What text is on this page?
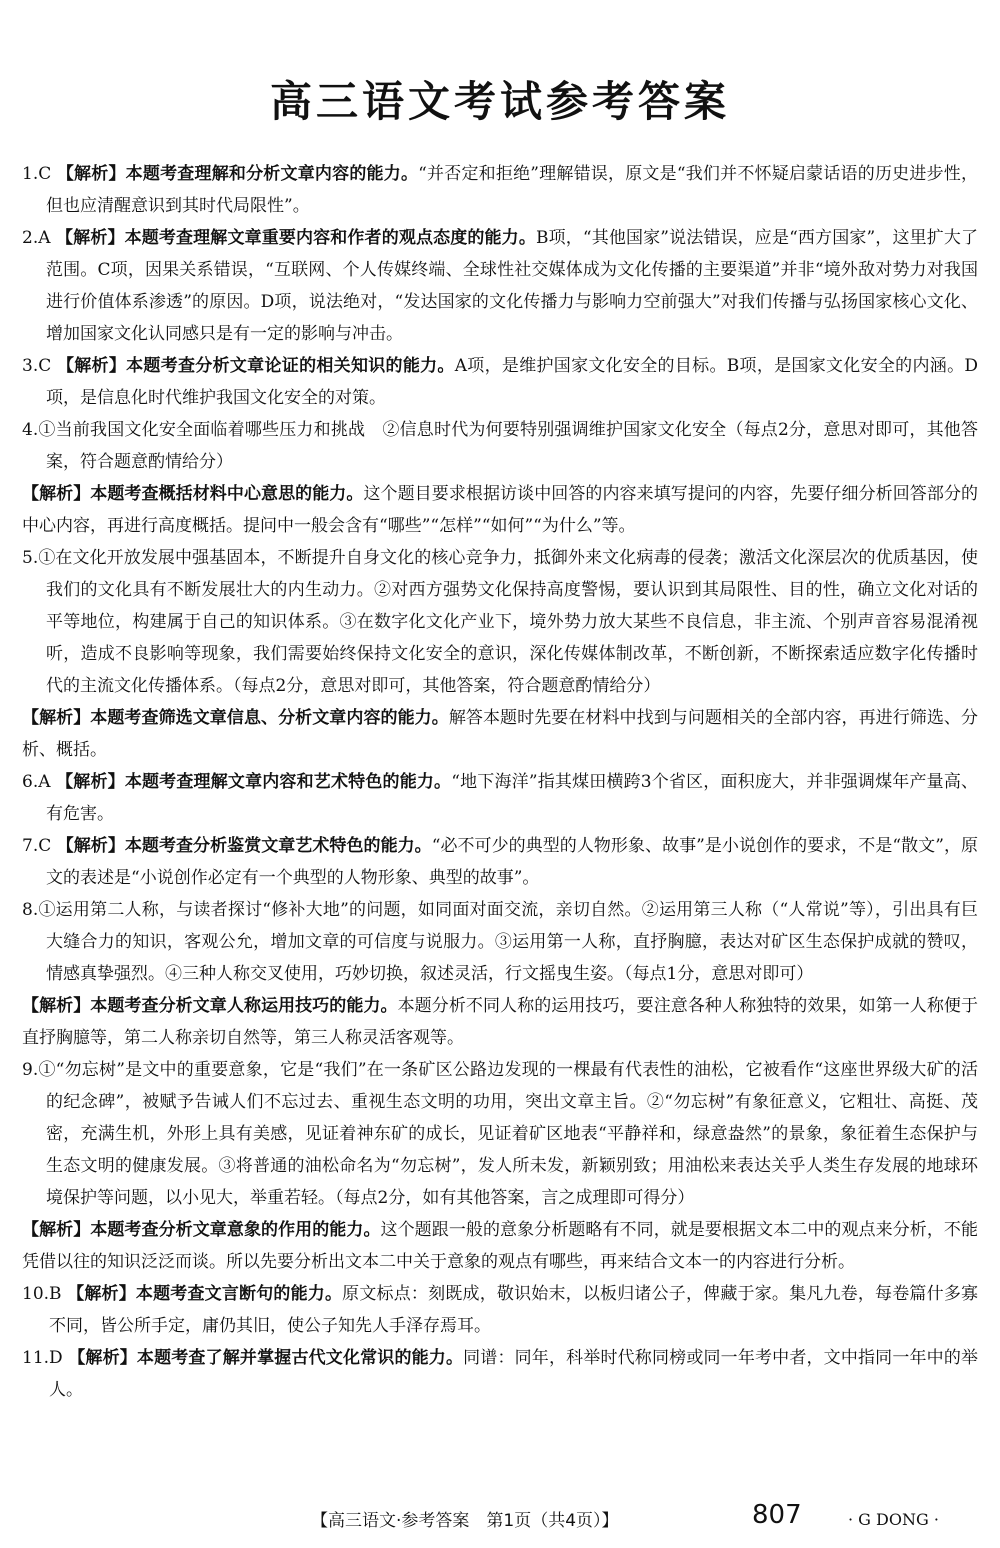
高三语文考试参考答案
1.C 【解析】本题考查理解和分析文章内容的能力。“并否定和拒绝”理解错误，原文是“我们并不怀疑启蒙话语的历史进步性，但也应清醒意识到其时代局限性”。
2.A 【解析】本题考查理解文章重要内容和作者的观点态度的能力。B项，“其他国家”说法错误，应是“西方国家”，这里扩大了范围。C项，因果关系错误，“互联网、个人传媒终端、全球性社交媒体成为文化传播的主要渠道”并非“境外敌对势力对我国进行价值体系渗透”的原因。D项，说法绝对，“发达国家的文化传播力与影响力空前强大”对我们传播与弘扬国家核心文化、增加国家文化认同感只是有一定的影响与冲击。
3.C 【解析】本题考查分析文章论证的相关知识的能力。A项，是维护国家文化安全的目标。B项，是国家文化安全的内涵。D项，是信息化时代维护我国文化安全的对策。
4.①当前我国文化安全面临着哪些压力和挑战　②信息时代为何要特别强调维护国家文化安全（每点2分，意思对即可，其他答案，符合题意酌情给分）
【解析】本题考查概括材料中心意思的能力。这个题目要求根据访谈中回答的内容来填写提问的内容，先要仔细分析回答部分的中心内容，再进行高度概括。提问中一般会含有“哪些”“怎样”“如何”“为什么”等。
5.①在文化开放发展中强基固本，不断提升自身文化的核心竞争力，抵御外来文化病毒的侵袭；激活文化深层次的优质基因，使我们的文化具有不断发展壮大的内生动力。②对西方强势文化保持高度警惕，要认识到其局限性、目的性，确立文化对话的平等地位，构建属于自己的知识体系。③在数字化文化产业下，境外势力放大某些不良信息，非主流、个别声音容易混淆视听，造成不良影响等现象，我们需要始终保持文化安全的意识，深化传媒体制改革，不断创新，不断探索适应数字化传播时代的主流文化传播体系。（每点2分，意思对即可，其他答案，符合题意酌情给分）
【解析】本题考查筛选文章信息、分析文章内容的能力。解答本题时先要在材料中找到与问题相关的全部内容，再进行筛选、分析、概括。
6.A 【解析】本题考查理解文章内容和艺术特色的能力。“地下海洋”指其煤田横跨3个省区，面积庞大，并非强调煤年产量高、有危害。
7.C 【解析】本题考查分析鉴赏文章艺术特色的能力。“必不可少的典型的人物形象、故事”是小说创作的要求，不是“散文”，原文的表述是“小说创作必定有一个典型的人物形象、典型的故事”。
8.①运用第二人称，与读者探讨“修补大地”的问题，如同面对面交流，亲切自然。②运用第三人称（“人常说”等），引出具有巨大缝合力的知识，客观公允，增加文章的可信度与说服力。③运用第一人称，直抒胸臆，表达对矿区生态保护成就的赞叹，情感真挚强烈。④三种人称交叉使用，巧妙切换，叙述灵活，行文摇曳生姿。（每点1分，意思对即可）
【解析】本题考查分析文章人称运用技巧的能力。本题分析不同人称的运用技巧，要注意各种人称独特的效果，如第一人称便于直抒胸臆等，第二人称亲切自然等，第三人称灵活客观等。
9.①“勿忘树”是文中的重要意象，它是“我们”在一条矿区公路边发现的一棵最有代表性的油松，它被看作“这座世界级大矿的活的纪念碑”，被赋予告诫人们不忘过去、重视生态文明的功用，突出文章主旨。②“勿忘树”有象征意义，它粗壮、高挺、茂密，充满生机，外形上具有美感，见证着神东矿的成长，见证着矿区地表“平静祥和，绿意盎然”的景象，象征着生态保护与生态文明的健康发展。③将普通的油松命名为“勿忘树”，发人所未发，新颖别致；用油松来表达关乎人类生存发展的地球环境保护等问题，以小见大，举重若轻。（每点2分，如有其他答案，言之成理即可得分）
【解析】本题考查分析文章意象的作用的能力。这个题跟一般的意象分析题略有不同，就是要根据文本二中的观点来分析，不能凭借以往的知识泛泛而谈。所以先要分析出文本二中关于意象的观点有哪些，再来结合文本一的内容进行分析。
10.B 【解析】本题考查文言断句的能力。原文标点：刻既成，敬识始末，以板归诸公子，俾藏于家。集凡九卷，每卷篇什多寡不同，皆公所手定，庸仍其旧，使公子知先人手泽存焉耳。
11.D 【解析】本题考查了解并掌握古代文化常识的能力。同谱：同年，科举时代称同榜或同一年考中者，文中指同一年中的举人。
【高三语文·参考答案　第1页（共4页）】	807	· G DONG ·
